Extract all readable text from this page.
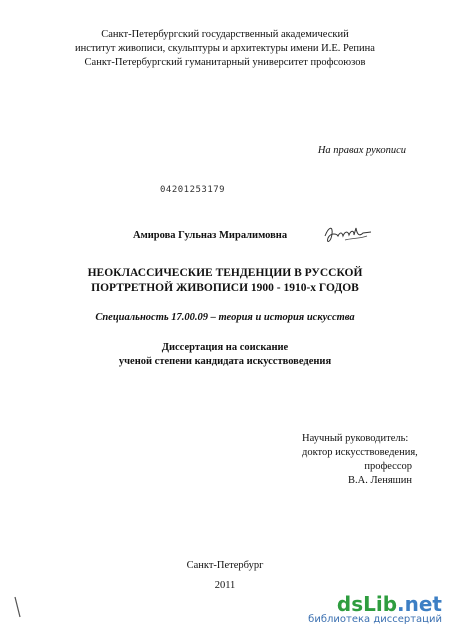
Санкт-Петербургский государственный академический
институт живописи, скульптуры и архитектуры имени И.Е. Репина
Санкт-Петербургский гуманитарный университет профсоюзов
На правах рукописи
04201253179
Амирова Гульназ Миралимовна
НЕОКЛАССИЧЕСКИЕ ТЕНДЕНЦИИ В РУССКОЙ
ПОРТРЕТНОЙ ЖИВОПИСИ 1900 - 1910-х ГОДОВ
Специальность 17.00.09 – теория и история искусства
Диссертация на соискание
ученой степени кандидата искусствоведения
Научный руководитель:
доктор искусствоведения,
профессор
В.А. Леняшин
Санкт-Петербург
2011
dsLib.net
библиотека диссертаций
